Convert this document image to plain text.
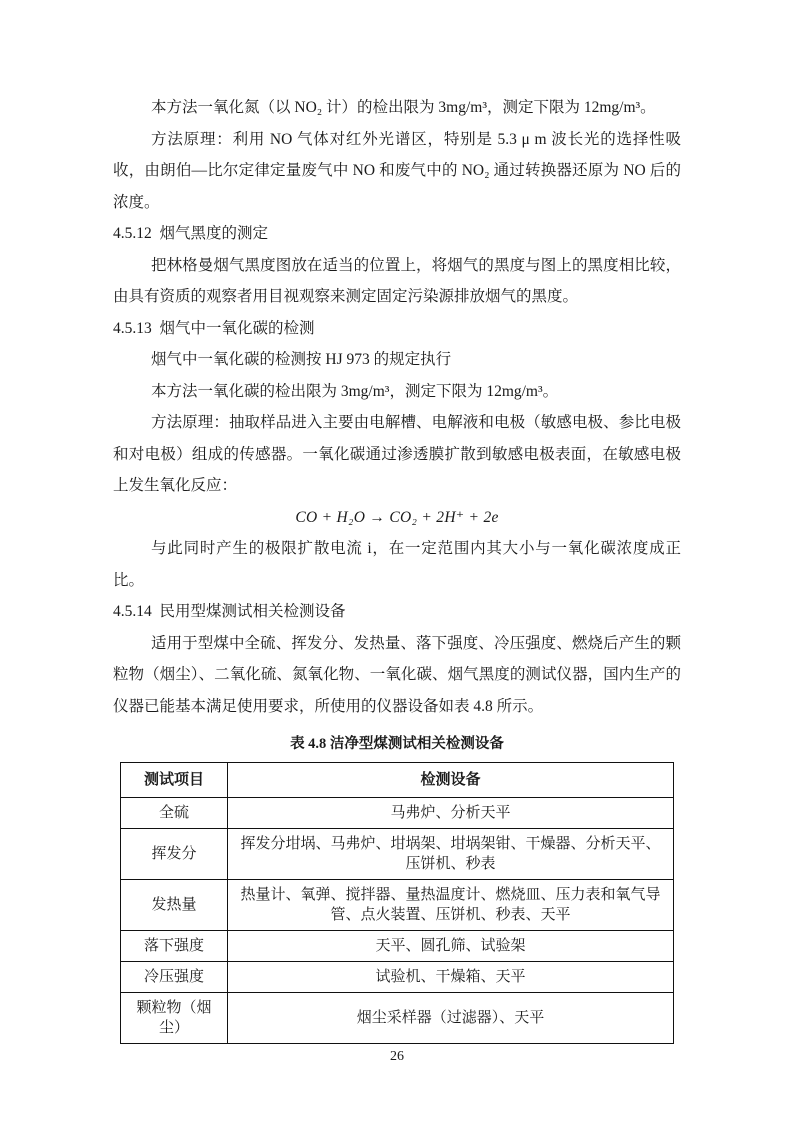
本方法一氧化氮（以 NO₂ 计）的检出限为 3mg/m³，测定下限为 12mg/m³。

方法原理：利用 NO 气体对红外光谱区，特别是 5.3 μ m 波长光的选择性吸收，由朗伯—比尔定律定量废气中 NO 和废气中的 NO₂ 通过转换器还原为 NO 后的浓度。

4.5.12  烟气黑度的测定

把林格曼烟气黑度图放在适当的位置上，将烟气的黑度与图上的黑度相比较，由具有资质的观察者用目视观察来测定固定污染源排放烟气的黑度。

4.5.13  烟气中一氧化碳的检测

烟气中一氧化碳的检测按 HJ 973 的规定执行

本方法一氧化碳的检出限为 3mg/m³，测定下限为 12mg/m³。

方法原理：抽取样品进入主要由电解槽、电解液和电极（敏感电极、参比电极和对电极）组成的传感器。一氧化碳通过渗透膜扩散到敏感电极表面，在敏感电极上发生氧化反应：

CO + H₂O → CO₂ + 2H⁺ + 2e

与此同时产生的极限扩散电流 i，在一定范围内其大小与一氧化碳浓度成正比。

4.5.14  民用型煤测试相关检测设备

适用于型煤中全硫、挥发分、发热量、落下强度、冷压强度、燃烧后产生的颗粒物（烟尘）、二氧化硫、氮氧化物、一氧化碳、烟气黑度的测试仪器，国内生产的仪器已能基本满足使用要求，所使用的仪器设备如表 4.8 所示。

表 4.8 洁净型煤测试相关检测设备
测试项目	检测设备
全硫	马弗炉、分析天平
挥发分	挥发分坩埚、马弗炉、坩埚架、坩埚架钳、干燥器、分析天平、压饼机、秒表
发热量	热量计、氧弹、搅拌器、量热温度计、燃烧皿、压力表和氧气导管、点火装置、压饼机、秒表、天平
落下强度	天平、圆孔筛、试验架
冷压强度	试验机、干燥箱、天平
颗粒物（烟尘）	烟尘采样器（过滤器）、天平
26
